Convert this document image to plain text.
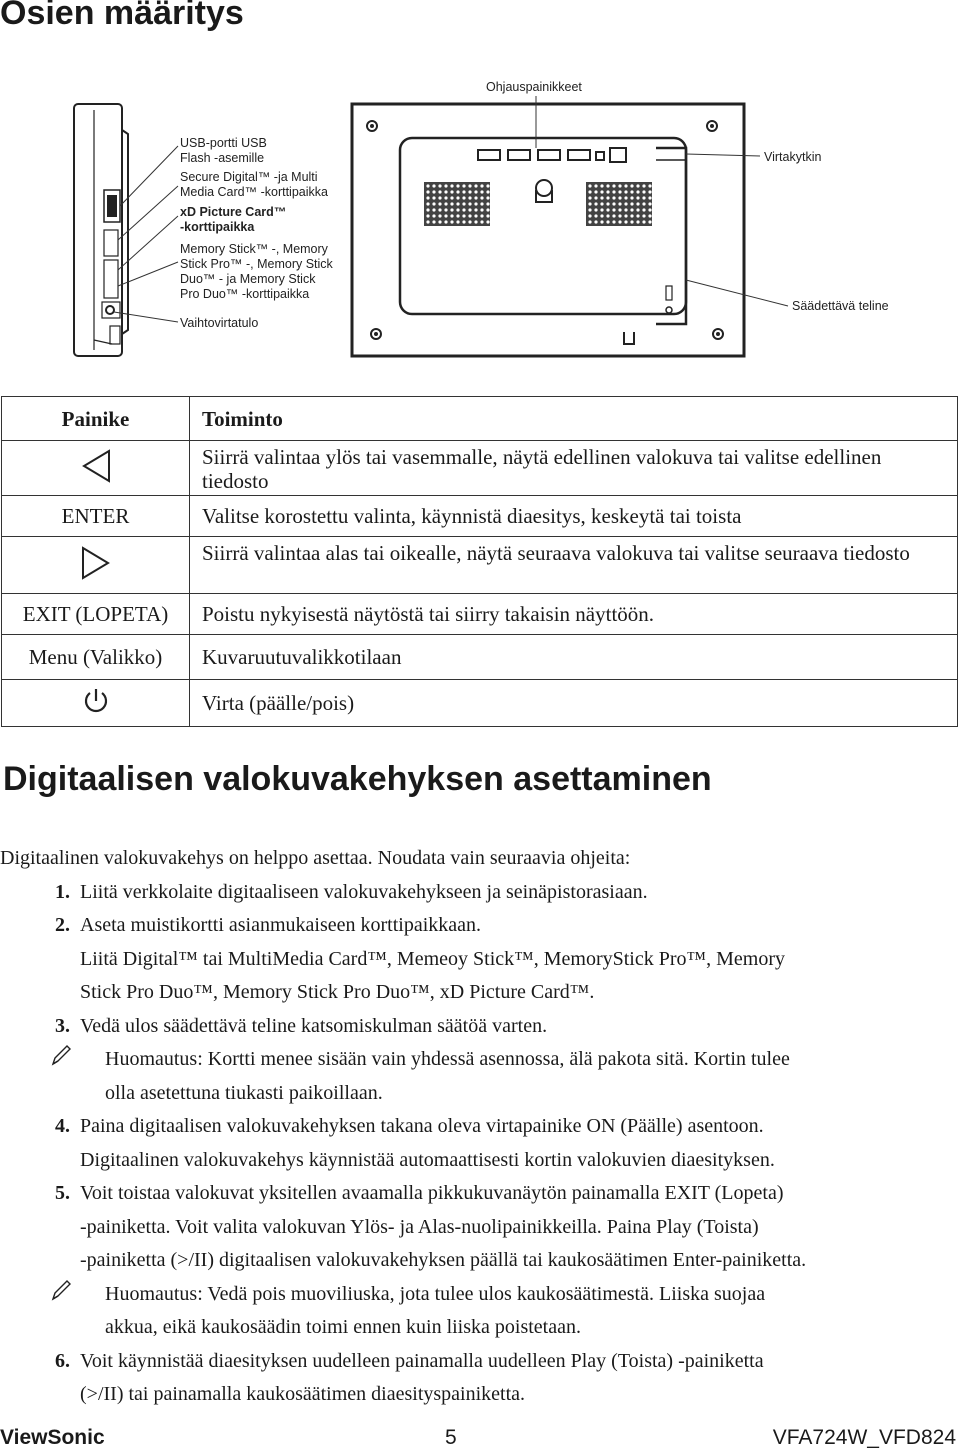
Osien määritys
Ohjauspainikkeet
Virtakytkin
Säädettävä teline
USB-portti USB
Flash -asemille
Secure Digital™ -ja Multi
Media Card™ -korttipaikka
xD Picture Card™
-korttipaikka
Memory Stick™ -, Memory
Stick Pro™ -, Memory Stick
Duo™ - ja Memory Stick
Pro Duo™ -korttipaikka
Vaihtovirtatulo
Painike	Toiminto
	Siirrä valintaa ylös tai vasemmalle, näytä edellinen valokuva tai valitse edellinen tiedosto
ENTER	Valitse korostettu valinta, käynnistä diaesitys, keskeytä tai toista
	Siirrä valintaa alas tai oikealle, näytä seuraava valokuva tai valitse seuraava tiedosto
EXIT (LOPETA)	Poistu nykyisestä näytöstä tai siirry takaisin näyttöön.
Menu (Valikko)	Kuvaruutuvalikkotilaan
	Virta (päälle/pois)
Digitaalisen valokuvakehyksen asettaminen

Digitaalinen valokuvakehys on helppo asettaa. Noudata vain seuraavia ohjeita:

1. Liitä verkkolaite digitaaliseen valokuvakehykseen ja seinäpistorasiaan.
2. Aseta muistikortti asianmukaiseen korttipaikkaan.
Liitä Digital™ tai MultiMedia Card™, Memeoy Stick™, MemoryStick Pro™, Memory
Stick Pro Duo™, Memory Stick Pro Duo™, xD Picture Card™.
3. Vedä ulos säädettävä teline katsomiskulman säätöä varten.
Huomautus: Kortti menee sisään vain yhdessä asennossa, älä pakota sitä. Kortin tulee
olla asetettuna tiukasti paikoillaan.
4. Paina digitaalisen valokuvakehyksen takana oleva virtapainike ON (Päälle) asentoon.
Digitaalinen valokuvakehys käynnistää automaattisesti kortin valokuvien diaesityksen.
5. Voit toistaa valokuvat yksitellen avaamalla pikkukuvanäytön painamalla EXIT (Lopeta)
-painiketta. Voit valita valokuvan Ylös- ja Alas-nuolipainikkeilla. Paina Play (Toista)
-painiketta (>/II) digitaalisen valokuvakehyksen päällä tai kaukosäätimen Enter-painiketta.
Huomautus: Vedä pois muoviliuska, jota tulee ulos kaukosäätimestä. Liiska suojaa
akkua, eikä kaukosäädin toimi ennen kuin liiska poistetaan.
6. Voit käynnistää diaesityksen uudelleen painamalla uudelleen Play (Toista) -painiketta
(>/II) tai painamalla kaukosäätimen diaesityspainiketta.
ViewSonic	5	VFA724W_VFD824
